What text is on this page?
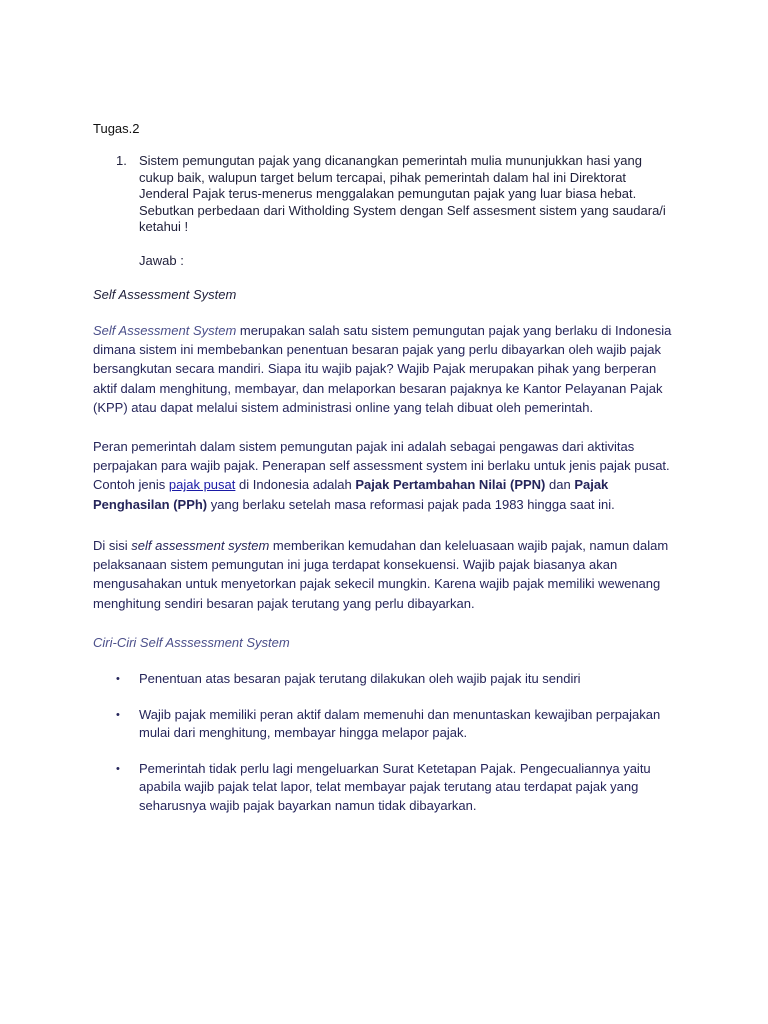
Tugas.2
1. Sistem pemungutan pajak yang dicanangkan pemerintah mulia mununjukkan hasi yang cukup baik, walupun target belum tercapai, pihak pemerintah dalam hal ini Direktorat Jenderal Pajak terus-menerus menggalakan pemungutan pajak yang luar biasa hebat. Sebutkan perbedaan dari Witholding System dengan Self assesment sistem yang saudara/i ketahui !
Jawab :
Self Assessment System
Self Assessment System merupakan salah satu sistem pemungutan pajak yang berlaku di Indonesia dimana sistem ini membebankan penentuan besaran pajak yang perlu dibayarkan oleh wajib pajak bersangkutan secara mandiri. Siapa itu wajib pajak? Wajib Pajak merupakan pihak yang berperan aktif dalam menghitung, membayar, dan melaporkan besaran pajaknya ke Kantor Pelayanan Pajak (KPP) atau dapat melalui sistem administrasi online yang telah dibuat oleh pemerintah.
Peran pemerintah dalam sistem pemungutan pajak ini adalah sebagai pengawas dari aktivitas perpajakan para wajib pajak. Penerapan self assessment system ini berlaku untuk jenis pajak pusat. Contoh jenis pajak pusat di Indonesia adalah Pajak Pertambahan Nilai (PPN) dan Pajak Penghasilan (PPh) yang berlaku setelah masa reformasi pajak pada 1983 hingga saat ini.
Di sisi self assessment system memberikan kemudahan dan keleluasaan wajib pajak, namun dalam pelaksanaan sistem pemungutan ini juga terdapat konsekuensi. Wajib pajak biasanya akan mengusahakan untuk menyetorkan pajak sekecil mungkin. Karena wajib pajak memiliki wewenang menghitung sendiri besaran pajak terutang yang perlu dibayarkan.
Ciri-Ciri Self Asssessment System
• Penentuan atas besaran pajak terutang dilakukan oleh wajib pajak itu sendiri
• Wajib pajak memiliki peran aktif dalam memenuhi dan menuntaskan kewajiban perpajakan mulai dari menghitung, membayar hingga melapor pajak.
• Pemerintah tidak perlu lagi mengeluarkan Surat Ketetapan Pajak. Pengecualiannya yaitu apabila wajib pajak telat lapor, telat membayar pajak terutang atau terdapat pajak yang seharusnya wajib pajak bayarkan namun tidak dibayarkan.
